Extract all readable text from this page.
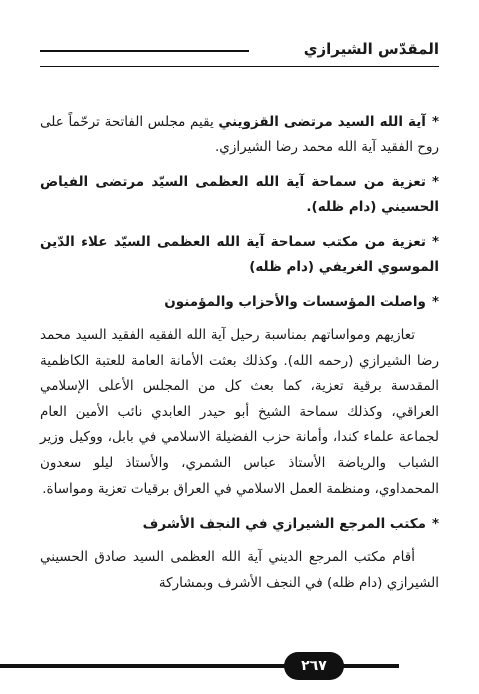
المقدّس الشيرازي

*آية الله السيد مرتضى القزويني يقيم مجلس الفاتحة ترحّماً على روح الفقيد آية الله محمد رضا الشيرازي.

*تعزية من سماحة آية الله العظمى السيّد مرتضى الفياض الحسيني (دام ظله).

*تعزية من مكتب سماحة آية الله العظمى السيّد علاء الدّين الموسوي الغريفي (دام ظله)

*واصلت المؤسسات والأحزاب والمؤمنون

تعازيهم ومواساتهم بمناسبة رحيل آية الله الفقيه الفقيد السيد محمد رضا الشيرازي (رحمه الله). وكذلك بعثت الأمانة العامة للعتبة الكاظمية المقدسة برقية تعزية، كما بعث كل من المجلس الأعلى الإسلامي العراقي، وكذلك سماحة الشيخ أبو حيدر العابدي نائب الأمين العام لجماعة علماء كندا، وأمانة حزب الفضيلة الاسلامي في بابل، ووكيل وزير الشباب والرياضة الأستاذ عباس الشمري، والأستاذ ليلو سعدون المحمداوي، ومنظمة العمل الاسلامي في العراق برقيات تعزية ومواساة.

*مكتب المرجع الشيرازي في النجف الأشرف

أقام مكتب المرجع الديني آية الله العظمى السيد صادق الحسيني الشيرازي (دام ظله) في النجف الأشرف وبمشاركة

٢٦٧
